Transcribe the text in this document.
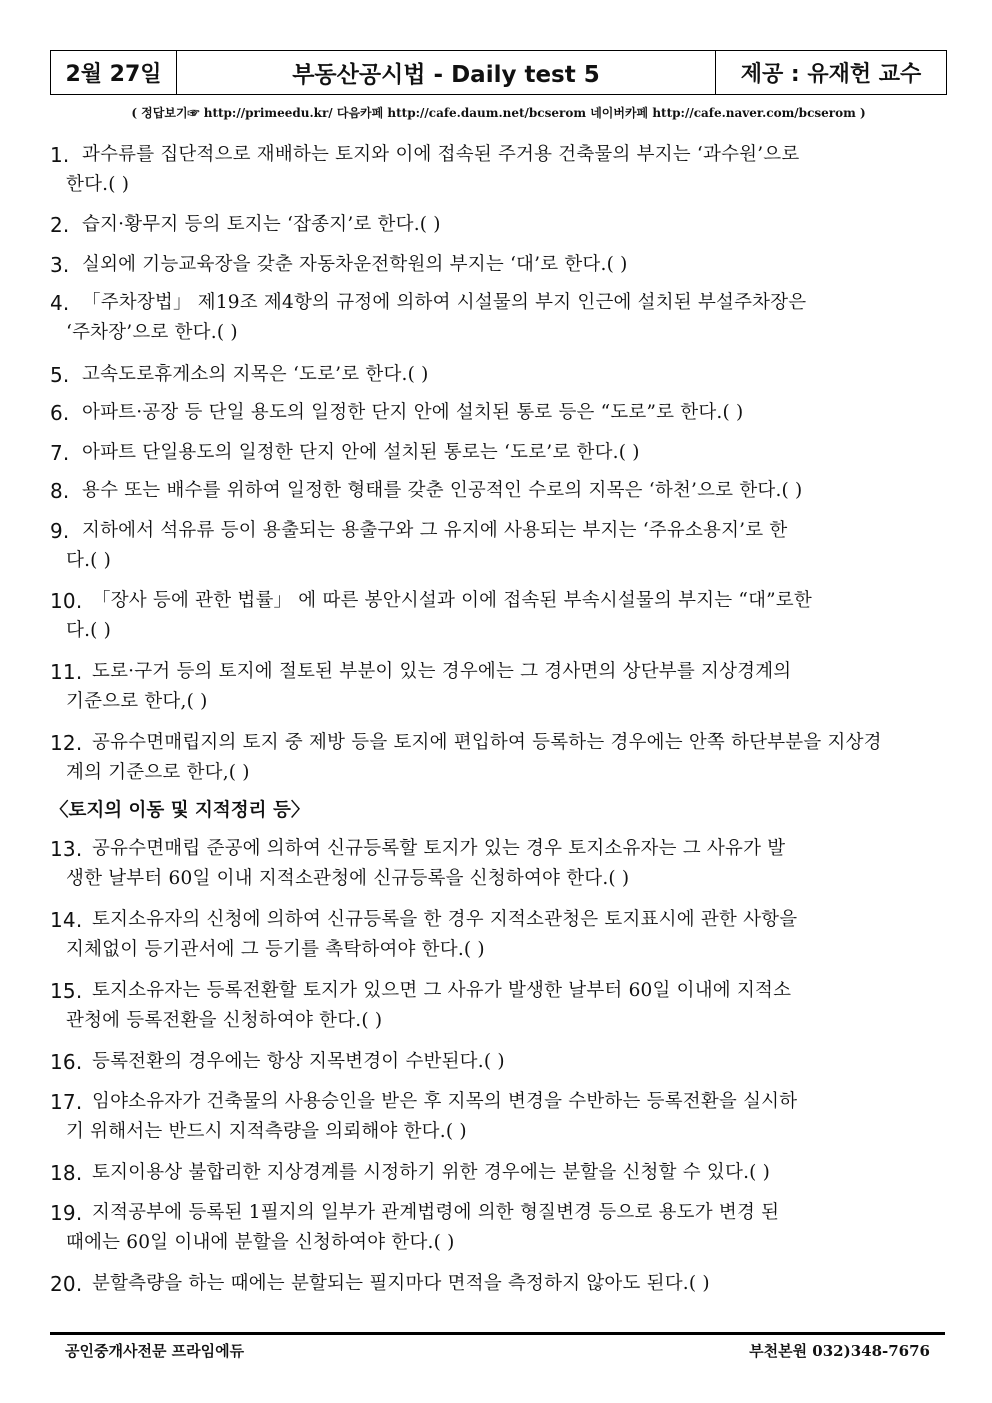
2월 27일	부동산공시법 - Daily test 5	제공 : 유재헌 교수
( 정답보기☞ http://primeedu.kr/ 다음카페 http://cafe.daum.net/bcserom 네이버카페 http://cafe.naver.com/bcserom )
1. 과수류를 집단적으로 재배하는 토지와 이에 접속된 주거용 건축물의 부지는 ‘과수원’으로
한다.( )
2. 습지·황무지 등의 토지는 ‘잡종지’로 한다.( )
3. 실외에 기능교육장을 갖춘 자동차운전학원의 부지는 ‘대’로 한다.( )
4. 「주차장법」 제19조 제4항의 규정에 의하여 시설물의 부지 인근에 설치된 부설주차장은
‘주차장’으로 한다.( )
5. 고속도로휴게소의 지목은 ‘도로’로 한다.( )
6. 아파트·공장 등 단일 용도의 일정한 단지 안에 설치된 통로 등은 “도로”로 한다.( )
7. 아파트 단일용도의 일정한 단지 안에 설치된 통로는 ‘도로’로 한다.( )
8. 용수 또는 배수를 위하여 일정한 형태를 갖춘 인공적인 수로의 지목은 ‘하천’으로 한다.( )
9. 지하에서 석유류 등이 용출되는 용출구와 그 유지에 사용되는 부지는 ‘주유소용지’로 한
다.( )
10. 「장사 등에 관한 법률」 에 따른 봉안시설과 이에 접속된 부속시설물의 부지는 “대”로한
다.( )
11. 도로·구거 등의 토지에 절토된 부분이 있는 경우에는 그 경사면의 상단부를 지상경계의
기준으로 한다,( )
12. 공유수면매립지의 토지 중 제방 등을 토지에 편입하여 등록하는 경우에는 안쪽 하단부분을 지상경
계의 기준으로 한다,( )
〈토지의 이동 및 지적정리 등〉
13. 공유수면매립 준공에 의하여 신규등록할 토지가 있는 경우 토지소유자는 그 사유가 발
생한 날부터 60일 이내 지적소관청에 신규등록을 신청하여야 한다.( )
14. 토지소유자의 신청에 의하여 신규등록을 한 경우 지적소관청은 토지표시에 관한 사항을
지체없이 등기관서에 그 등기를 촉탁하여야 한다.( )
15. 토지소유자는 등록전환할 토지가 있으면 그 사유가 발생한 날부터 60일 이내에 지적소
관청에 등록전환을 신청하여야 한다.( )
16. 등록전환의 경우에는 항상 지목변경이 수반된다.( )
17. 임야소유자가 건축물의 사용승인을 받은 후 지목의 변경을 수반하는 등록전환을 실시하
기 위해서는 반드시 지적측량을 의뢰해야 한다.( )
18. 토지이용상 불합리한 지상경계를 시정하기 위한 경우에는 분할을 신청할 수 있다.( )
19. 지적공부에 등록된 1필지의 일부가 관계법령에 의한 형질변경 등으로 용도가 변경 된
때에는 60일 이내에 분할을 신청하여야 한다.( )
20. 분할측량을 하는 때에는 분할되는 필지마다 면적을 측정하지 않아도 된다.( )
공인중개사전문 프라임에듀	부천본원 032)348-7676
